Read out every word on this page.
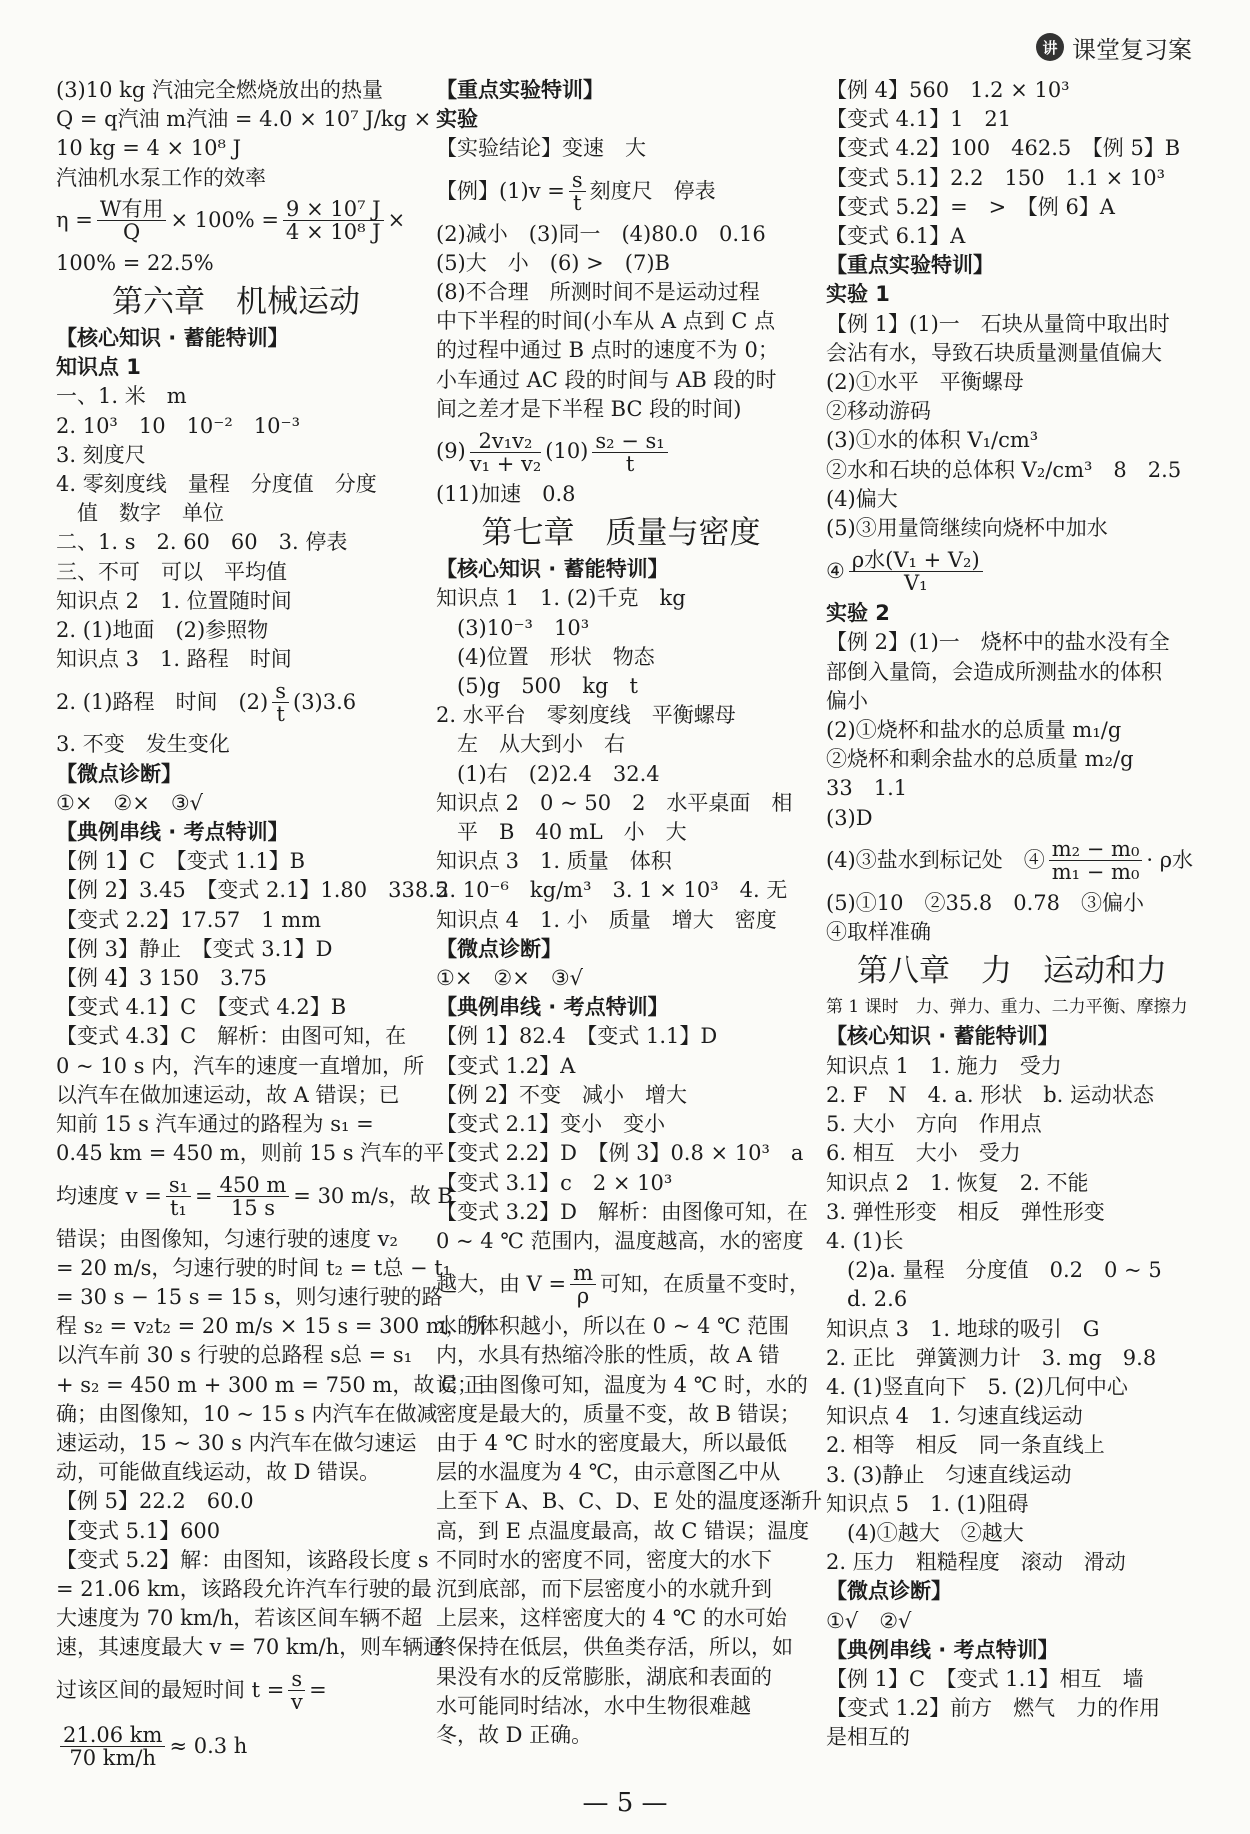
讲 课堂复习案
(3)10 kg 汽油完全燃烧放出的热量
Q = q汽油 m汽油 = 4.0 × 10⁷ J/kg ×
10 kg = 4 × 10⁸ J
汽油机水泵工作的效率
$\eta = \frac{\text{W有用}}{Q} \times 100\% = \frac{\text{9 × 10⁷ J}}{\text{4 × 10⁸ J}}$ ×
100% = 22.5%
第六章　机械运动
【核心知识 · 蓄能特训】
知识点 1
一、1. 米　m
2. 10³　10　10⁻²　10⁻³
3. 刻度尺
4. 零刻度线　量程　分度值　分度
　值　数字　单位
二、1. s　2. 60　60　3. 停表
三、不可　可以　平均值
知识点 2　1. 位置随时间
2. (1)地面　(2)参照物
知识点 3　1. 路程　时间
2. (1)路程　时间　$(2) \frac{s}{t} (3)3.6$
3. 不变　发生变化
【微点诊断】
①×　②×　③√
【典例串线 · 考点特训】
【例 1】C　【变式 1.1】B
【例 2】3.45　【变式 2.1】1.80　338.5
【变式 2.2】17.57　1 mm
【例 3】静止　【变式 3.1】D
【例 4】3 150　3.75
【变式 4.1】C　【变式 4.2】B
【变式 4.3】C　解析：由图可知，在
0 ~ 10 s 内，汽车的速度一直增加，所
以汽车在做加速运动，故 A 错误；已
知前 15 s 汽车通过的路程为 s₁ =
0.45 km = 450 m，则前 15 s 汽车的平
均速度 $v = \frac{\text{s₁}}{\text{t₁}} = \frac{450 m}{15 s} = 30$ m/s，故 B
错误；由图像知，匀速行驶的速度 v₂
= 20 m/s，匀速行驶的时间 t₂ = t总 − t₁
= 30 s − 15 s = 15 s，则匀速行驶的路
程 s₂ = v₂t₂ = 20 m/s × 15 s = 300 m，所
以汽车前 30 s 行驶的总路程 s总 = s₁
+ s₂ = 450 m + 300 m = 750 m，故 C 正
确；由图像知，10 ~ 15 s 内汽车在做减
速运动，15 ~ 30 s 内汽车在做匀速运
动，可能做直线运动，故 D 错误。
【例 5】22.2　60.0
【变式 5.1】600
【变式 5.2】解：由图知，该路段长度 s
= 21.06 km，该路段允许汽车行驶的最
大速度为 70 km/h，若该区间车辆不超
速，其速度最大 v = 70 km/h，则车辆通
过该区间的最短时间 $t = \frac{s}{v}$ =
$\frac{21.06 km}{70 km/h} \approx 0.3$ h
【重点实验特训】
实验
【实验结论】变速　大
【例】$(1)v = \frac{s}{t}$ 刻度尺　停表
(2)减小　(3)同一　(4)80.0　0.16
(5)大　小　(6) >　(7)B
(8)不合理　所测时间不是运动过程
中下半程的时间(小车从 A 点到 C 点
的过程中通过 B 点时的速度不为 0；
小车通过 AC 段的时间与 AB 段的时
间之差才是下半程 BC 段的时间)
$(9) \frac{\text{2v₁v₂}}{\text{v₁ + v₂}} (10) \frac{\text{s₂ − s₁}}{t}$
(11)加速　0.8
第七章　质量与密度
【核心知识 · 蓄能特训】
知识点 1　1. (2)千克　kg
　(3)10⁻³　10³
　(4)位置　形状　物态
　(5)g　500　kg　t
2. 水平台　零刻度线　平衡螺母
　左　从大到小　右
　(1)右　(2)2.4　32.4
知识点 2　0 ~ 50　2　水平桌面　相
　平　B　40 mL　小　大
知识点 3　1. 质量　体积
2. 10⁻⁶　kg/m³　3. 1 × 10³　4. 无
知识点 4　1. 小　质量　增大　密度
【微点诊断】
①×　②×　③√
【典例串线 · 考点特训】
【例 1】82.4　【变式 1.1】D
【变式 1.2】A
【例 2】不变　减小　增大
【变式 2.1】变小　变小
【变式 2.2】D　【例 3】0.8 × 10³　a
【变式 3.1】c　2 × 10³
【变式 3.2】D　解析：由图像可知，在
0 ~ 4 ℃ 范围内，温度越高，水的密度
越大，由 $V = \frac{m}{\rho}$ 可知，在质量不变时，
水的体积越小，所以在 0 ~ 4 ℃ 范围
内，水具有热缩冷胀的性质，故 A 错
误；由图像可知，温度为 4 ℃ 时，水的
密度是最大的，质量不变，故 B 错误；
由于 4 ℃ 时水的密度最大，所以最低
层的水温度为 4 ℃，由示意图乙中从
上至下 A、B、C、D、E 处的温度逐渐升
高，到 E 点温度最高，故 C 错误；温度
不同时水的密度不同，密度大的水下
沉到底部，而下层密度小的水就升到
上层来，这样密度大的 4 ℃ 的水可始
终保持在低层，供鱼类存活，所以，如
果没有水的反常膨胀，湖底和表面的
水可能同时结冰，水中生物很难越
冬，故 D 正确。
【例 4】560　1.2 × 10³
【变式 4.1】1　21
【变式 4.2】100　462.5　【例 5】B
【变式 5.1】2.2　150　1.1 × 10³
【变式 5.2】=　>　【例 6】A
【变式 6.1】A
【重点实验特训】
实验 1
【例 1】(1)一　石块从量筒中取出时
会沾有水，导致石块质量测量值偏大
(2)①水平　平衡螺母
②移动游码
(3)①水的体积 V₁/cm³
②水和石块的总体积 V₂/cm³　8　2.5
(4)偏大
(5)③用量筒继续向烧杯中加水
④ $\frac{\text{ρ水(V₁ + V₂)}}{\text{V₁}}$
实验 2
【例 2】(1)一　烧杯中的盐水没有全
部倒入量筒，会造成所测盐水的体积
偏小
(2)①烧杯和盐水的总质量 m₁/g
②烧杯和剩余盐水的总质量 m₂/g
33　1.1
(3)D
(4)③盐水到标记处　④ $\frac{\text{m₂ − m₀}}{\text{m₁ − m₀}} \cdot \rho$水
(5)①10　②35.8　0.78　③偏小
④取样准确
第八章　力　运动和力
第 1 课时　力、弹力、重力、二力平衡、摩擦力
【核心知识 · 蓄能特训】
知识点 1　1. 施力　受力
2. F　N　4. a. 形状　b. 运动状态
5. 大小　方向　作用点
6. 相互　大小　受力
知识点 2　1. 恢复　2. 不能
3. 弹性形变　相反　弹性形变
4. (1)长
　(2)a. 量程　分度值　0.2　0 ~ 5
　d. 2.6
知识点 3　1. 地球的吸引　G
2. 正比　弹簧测力计　3. mg　9.8
4. (1)竖直向下　5. (2)几何中心
知识点 4　1. 匀速直线运动
2. 相等　相反　同一条直线上
3. (3)静止　匀速直线运动
知识点 5　1. (1)阻碍
　(4)①越大　②越大
2. 压力　粗糙程度　滚动　滑动
【微点诊断】
①√　②√
【典例串线 · 考点特训】
【例 1】C　【变式 1.1】相互　墙
【变式 1.2】前方　燃气　力的作用
是相互的
— 5 —
